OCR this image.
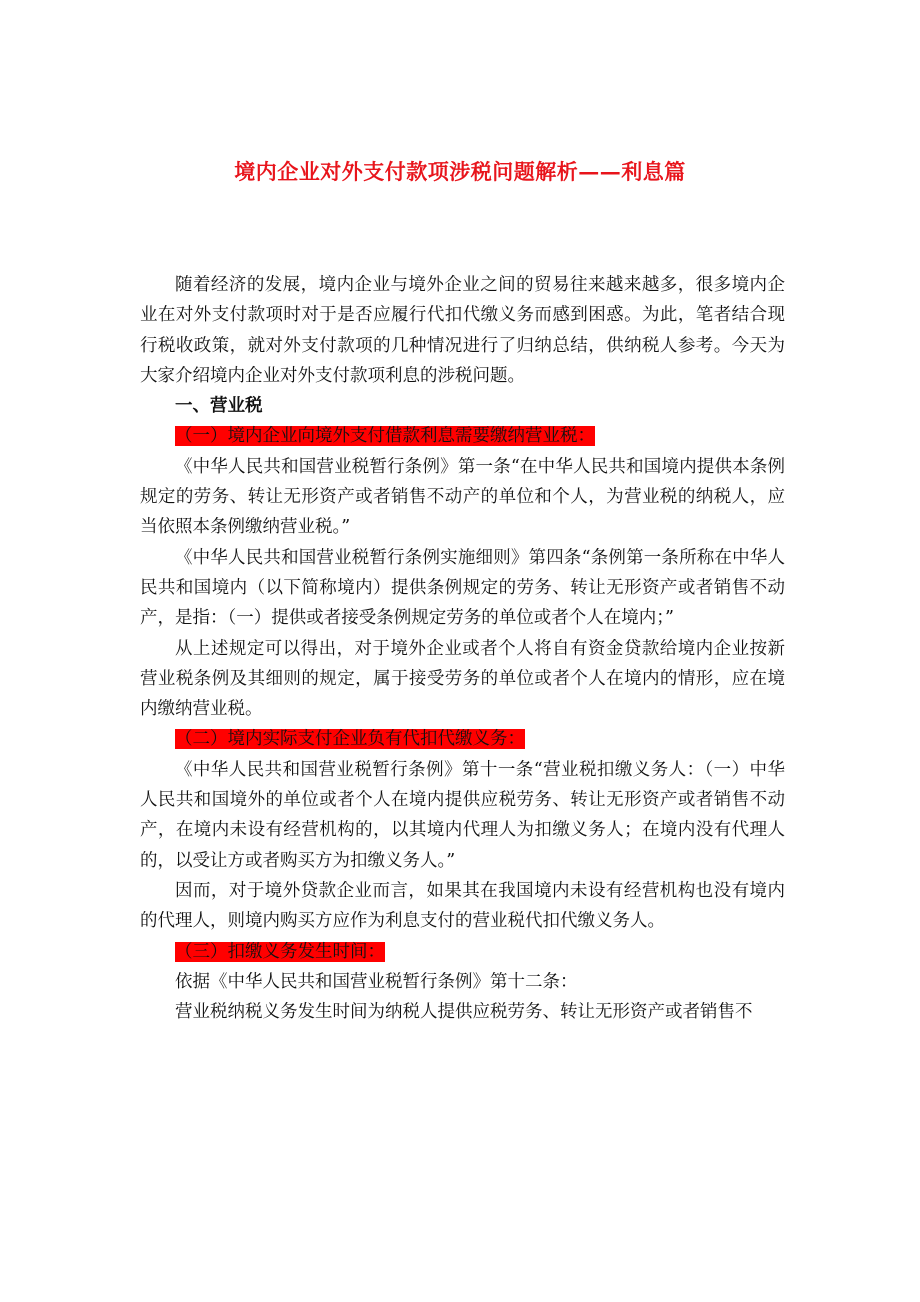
境内企业对外支付款项涉税问题解析——利息篇

随着经济的发展，境内企业与境外企业之间的贸易往来越来越多，很多境内企业在对外支付款项时对于是否应履行代扣代缴义务而感到困惑。为此，笔者结合现行税收政策，就对外支付款项的几种情况进行了归纳总结，供纳税人参考。今天为大家介绍境内企业对外支付款项利息的涉税问题。

一、营业税

（一）境内企业向境外支付借款利息需要缴纳营业税：

《中华人民共和国营业税暂行条例》第一条“在中华人民共和国境内提供本条例规定的劳务、转让无形资产或者销售不动产的单位和个人，为营业税的纳税人，应当依照本条例缴纳营业税。”

《中华人民共和国营业税暂行条例实施细则》第四条“条例第一条所称在中华人民共和国境内（以下简称境内）提供条例规定的劳务、转让无形资产或者销售不动产，是指：（一）提供或者接受条例规定劳务的单位或者个人在境内；”

从上述规定可以得出，对于境外企业或者个人将自有资金贷款给境内企业按新营业税条例及其细则的规定，属于接受劳务的单位或者个人在境内的情形，应在境内缴纳营业税。

（二）境内实际支付企业负有代扣代缴义务：

《中华人民共和国营业税暂行条例》第十一条“营业税扣缴义务人：（一）中华人民共和国境外的单位或者个人在境内提供应税劳务、转让无形资产或者销售不动产，在境内未设有经营机构的，以其境内代理人为扣缴义务人；在境内没有代理人的，以受让方或者购买方为扣缴义务人。”

因而，对于境外贷款企业而言，如果其在我国境内未设有经营机构也没有境内的代理人，则境内购买方应作为利息支付的营业税代扣代缴义务人。

（三）扣缴义务发生时间：

依据《中华人民共和国营业税暂行条例》第十二条：

营业税纳税义务发生时间为纳税人提供应税劳务、转让无形资产或者销售不
